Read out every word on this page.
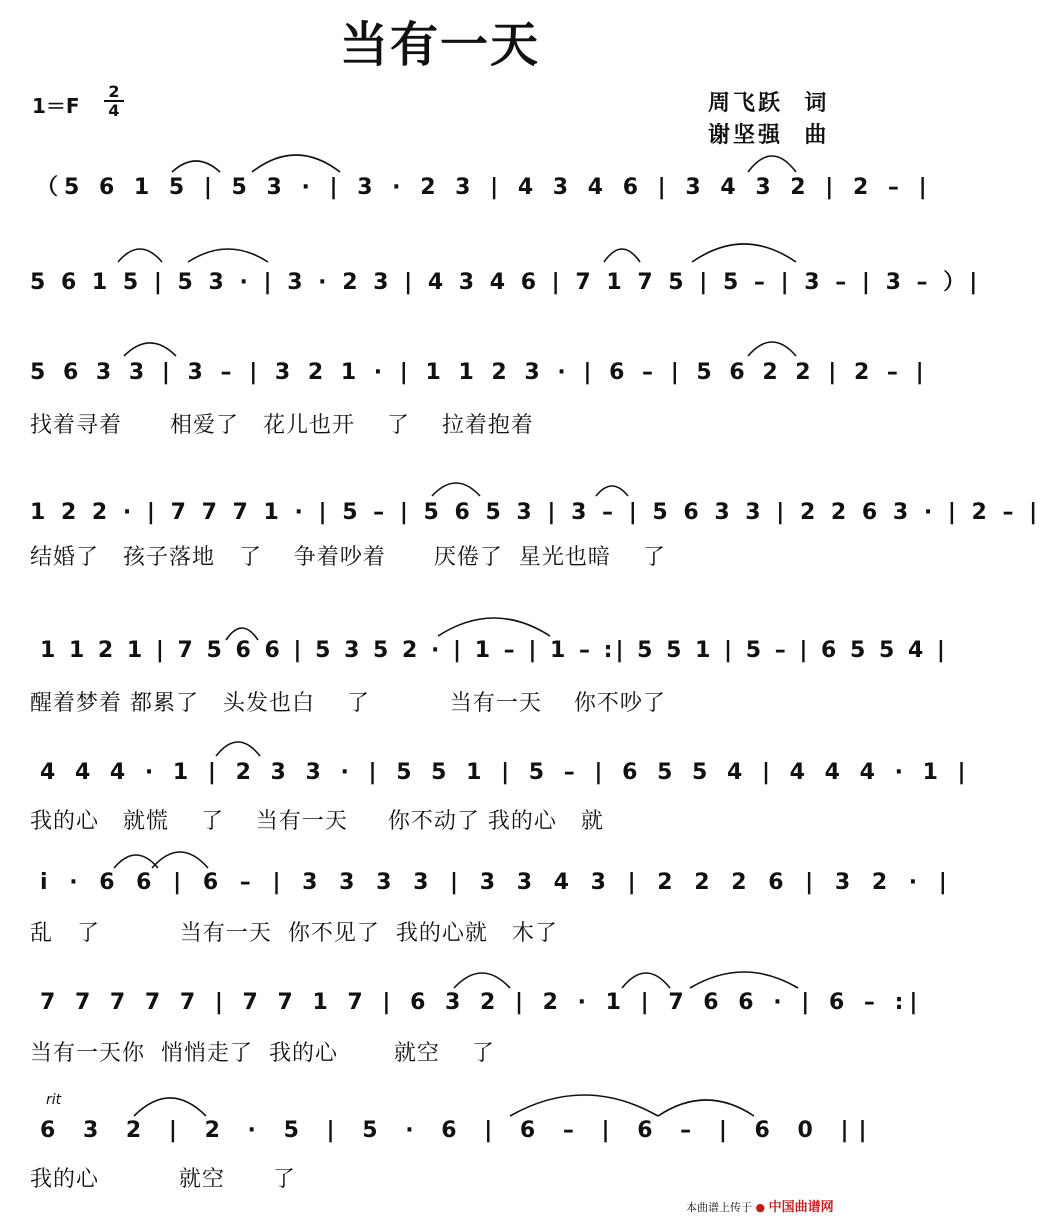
当有一天
1＝F
2
4	周飞跃  词
谢坚强  曲
（5 6 1 5 | 5 3 · | 3 · 2 3 | 4 3 4 6 | 3 4 3 2 | 2 – |
5 6 1 5 | 5 3 · | 3 · 2 3 | 4 3 4 6 | 7 1 7 5 | 5 – | 3 – | 3 – ）|
5 6 3 3 | 3 – | 3 2 1 · | 1 1 2 3 · | 6 – | 5 6 2 2 | 2 – |
找着寻着      相爱了   花儿也开    了    拉着抱着
1 2 2 · | 7 7 7 1 · | 5 – | 5 6 5 3 | 3 – | 5 6 3 3 | 2 2 6 3 · | 2 – |
结婚了   孩子落地   了    争着吵着      厌倦了  星光也暗    了
1 1 2 1 | 7 5 6 6 | 5 3 5 2 · | 1 – | 1 – :| 5 5 1 | 5 – | 6 5 5 4 |
醒着梦着 都累了   头发也白    了          当有一天    你不吵了
4 4 4 · 1 | 2 3 3 · | 5 5 1 | 5 – | 6 5 5 4 | 4 4 4 · 1 |
我的心   就慌    了    当有一天     你不动了 我的心   就
i · 6 6 | 6 – | 3 3 3 3 | 3 3 4 3 | 2 2 2 6 | 3 2 · |
乱   了          当有一天  你不见了  我的心就   木了
7 7 7 7 7 | 7 7 1 7 | 6 3 2 | 2 · 1 | 7 6 6 · | 6 – :|
当有一天你  悄悄走了  我的心       就空    了
rit
6 3 2 | 2 · 5 | 5 · 6 | 6 – | 6 – | 6 0 ||
我的心          就空      了
本曲谱上传于 ● 中国曲谱网
